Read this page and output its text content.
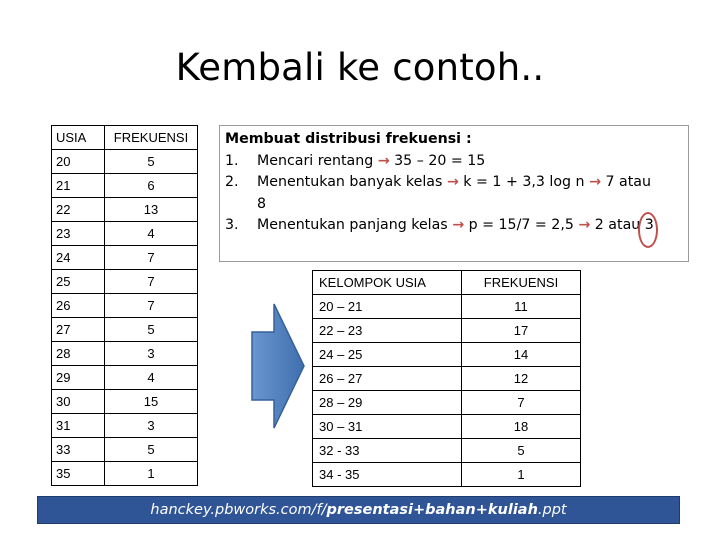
Kembali ke contoh..
USIA	FREKUENSI
20	5
21	6
22	13
23	4
24	7
25	7
26	7
27	5
28	3
29	4
30	15
31	3
33	5
35	1
Membuat distribusi frekuensi :
1.	Mencari rentang → 35 – 20 = 15
2.	Menentukan banyak kelas → k = 1 + 3,3 log n → 7 atau
8
3.	Menentukan panjang kelas → p = 15/7 = 2,5 → 2 atau 3
KELOMPOK USIA	FREKUENSI
20 – 21	11
22 – 23	17
24 – 25	14
26 – 27	12
28 – 29	7
30 – 31	18
32 - 33	5
34 - 35	1
hanckey.pbworks.com/f/ presentasi+bahan+kuliah .ppt
